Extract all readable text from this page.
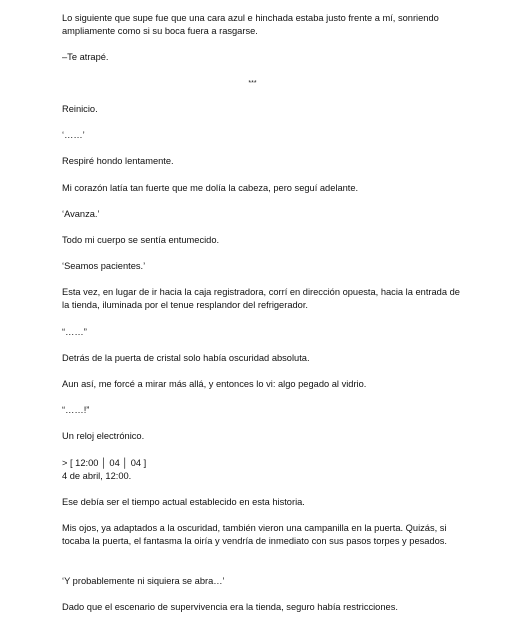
Lo siguiente que supe fue que una cara azul e hinchada estaba justo frente a mí, sonriendo ampliamente como si su boca fuera a rasgarse.

–Te atrapé.

***

Reinicio.

‘……’

Respiré hondo lentamente.

Mi corazón latía tan fuerte que me dolía la cabeza, pero seguí adelante.

‘Avanza.’

Todo mi cuerpo se sentía entumecido.

‘Seamos pacientes.’

Esta vez, en lugar de ir hacia la caja registradora, corrí en dirección opuesta, hacia la entrada de la tienda, iluminada por el tenue resplandor del refrigerador.

“……”

Detrás de la puerta de cristal solo había oscuridad absoluta.

Aun así, me forcé a mirar más allá, y entonces lo vi: algo pegado al vidrio.

“……!”

Un reloj electrónico.

> [ 12:00 │ 04 │ 04 ]
4 de abril, 12:00.

Ese debía ser el tiempo actual establecido en esta historia.

Mis ojos, ya adaptados a la oscuridad, también vieron una campanilla en la puerta. Quizás, si tocaba la puerta, el fantasma la oiría y vendría de inmediato con sus pasos torpes y pesados.

‘Y probablemente ni siquiera se abra…’

Dado que el escenario de supervivencia era la tienda, seguro había restricciones.
